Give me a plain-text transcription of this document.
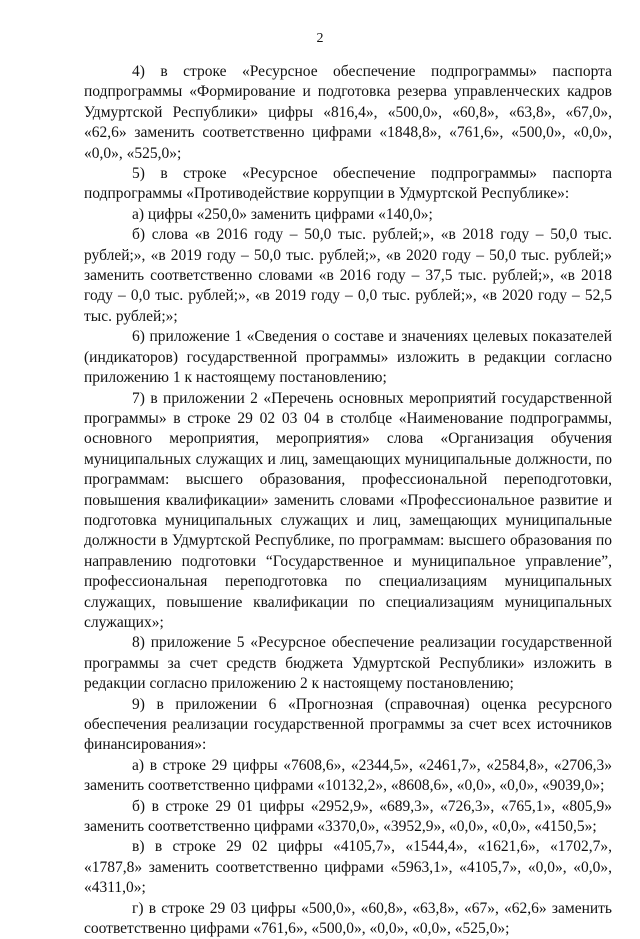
2

4) в строке «Ресурсное обеспечение подпрограммы» паспорта подпрограммы «Формирование и подготовка резерва управленческих кадров Удмуртской Республики» цифры «816,4», «500,0», «60,8», «63,8», «67,0», «62,6» заменить соответственно цифрами «1848,8», «761,6», «500,0», «0,0», «0,0», «525,0»;

5) в строке «Ресурсное обеспечение подпрограммы» паспорта подпрограммы «Противодействие коррупции в Удмуртской Республике»:

а) цифры «250,0» заменить цифрами «140,0»;

б) слова «в 2016 году – 50,0 тыс. рублей;», «в 2018 году – 50,0 тыс. рублей;», «в 2019 году – 50,0 тыс. рублей;», «в 2020 году – 50,0 тыс. рублей;» заменить соответственно словами «в 2016 году – 37,5 тыс. рублей;», «в 2018 году – 0,0 тыс. рублей;», «в 2019 году – 0,0 тыс. рублей;», «в 2020 году – 52,5 тыс. рублей;»;

6) приложение 1 «Сведения о составе и значениях целевых показателей (индикаторов) государственной программы» изложить в редакции согласно приложению 1 к настоящему постановлению;

7) в приложении 2 «Перечень основных мероприятий государственной программы» в строке 29 02 03 04 в столбце «Наименование подпрограммы, основного мероприятия, мероприятия» слова «Организация обучения муниципальных служащих и лиц, замещающих муниципальные должности, по программам: высшего образования, профессиональной переподготовки, повышения квалификации» заменить словами «Профессиональное развитие и подготовка муниципальных служащих и лиц, замещающих муниципальные должности в Удмуртской Республике, по программам: высшего образования по направлению подготовки “Государственное и муниципальное управление”, профессиональная переподготовка по специализациям муниципальных служащих, повышение квалификации по специализациям муниципальных служащих»;

8) приложение 5 «Ресурсное обеспечение реализации государственной программы за счет средств бюджета Удмуртской Республики» изложить в редакции согласно приложению 2 к настоящему постановлению;

9) в приложении 6 «Прогнозная (справочная) оценка ресурсного обеспечения реализации государственной программы за счет всех источников финансирования»:

а) в строке 29 цифры «7608,6», «2344,5», «2461,7», «2584,8», «2706,3» заменить соответственно цифрами «10132,2», «8608,6», «0,0», «0,0», «9039,0»;

б) в строке 29 01 цифры «2952,9», «689,3», «726,3», «765,1», «805,9» заменить соответственно цифрами «3370,0», «3952,9», «0,0», «0,0», «4150,5»;

в) в строке 29 02 цифры «4105,7», «1544,4», «1621,6», «1702,7», «1787,8» заменить соответственно цифрами «5963,1», «4105,7», «0,0», «0,0», «4311,0»;

г) в строке 29 03 цифры «500,0», «60,8», «63,8», «67», «62,6» заменить соответственно цифрами «761,6», «500,0», «0,0», «0,0», «525,0»;
